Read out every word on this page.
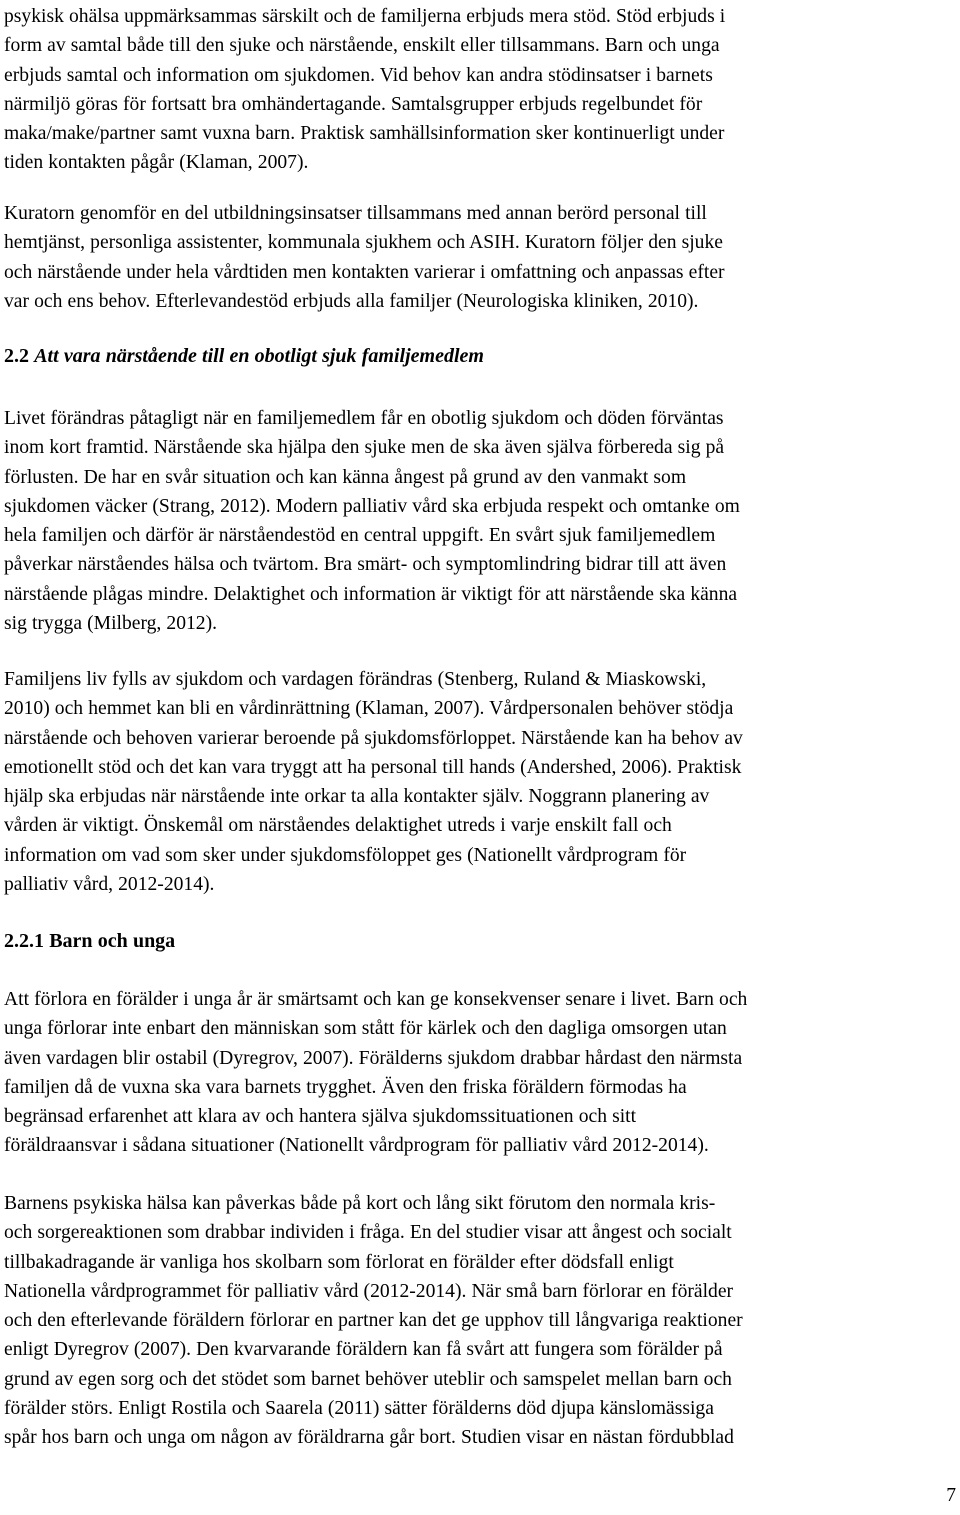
psykisk ohälsa uppmärksammas särskilt och de familjerna erbjuds mera stöd. Stöd erbjuds i
form av samtal både till den sjuke och närstående, enskilt eller tillsammans. Barn och unga
erbjuds samtal och information om sjukdomen. Vid behov kan andra stödinsatser i barnets
närmiljö göras för fortsatt bra omhändertagande. Samtalsgrupper erbjuds regelbundet för
maka/make/partner samt vuxna barn. Praktisk samhällsinformation sker kontinuerligt under
tiden kontakten pågår (Klaman, 2007).

Kuratorn genomför en del utbildningsinsatser tillsammans med annan berörd personal till
hemtjänst, personliga assistenter, kommunala sjukhem och ASIH. Kuratorn följer den sjuke
och närstående under hela vårdtiden men kontakten varierar i omfattning och anpassas efter
var och ens behov. Efterlevandestöd erbjuds alla familjer (Neurologiska kliniken, 2010).

2.2 Att vara närstående till en obotligt sjuk familjemedlem

Livet förändras påtagligt när en familjemedlem får en obotlig sjukdom och döden förväntas
inom kort framtid. Närstående ska hjälpa den sjuke men de ska även själva förbereda sig på
förlusten. De har en svår situation och kan känna ångest på grund av den vanmakt som
sjukdomen väcker (Strang, 2012). Modern palliativ vård ska erbjuda respekt och omtanke om
hela familjen och därför är närståendestöd en central uppgift. En svårt sjuk familjemedlem
påverkar närståendes hälsa och tvärtom. Bra smärt- och symptomlindring bidrar till att även
närstående plågas mindre. Delaktighet och information är viktigt för att närstående ska känna
sig trygga (Milberg, 2012).

Familjens liv fylls av sjukdom och vardagen förändras (Stenberg, Ruland & Miaskowski,
2010) och hemmet kan bli en vårdinrättning (Klaman, 2007). Vårdpersonalen behöver stödja
närstående och behoven varierar beroende på sjukdomsförloppet. Närstående kan ha behov av
emotionellt stöd och det kan vara tryggt att ha personal till hands (Andershed, 2006). Praktisk
hjälp ska erbjudas när närstående inte orkar ta alla kontakter själv. Noggrann planering av
vården är viktigt. Önskemål om närståendes delaktighet utreds i varje enskilt fall och
information om vad som sker under sjukdomsföloppet ges (Nationellt vårdprogram för
palliativ vård, 2012-2014).

2.2.1 Barn och unga

Att förlora en förälder i unga år är smärtsamt och kan ge konsekvenser senare i livet. Barn och
unga förlorar inte enbart den människan som stått för kärlek och den dagliga omsorgen utan
även vardagen blir ostabil (Dyregrov, 2007). Förälderns sjukdom drabbar hårdast den närmsta
familjen då de vuxna ska vara barnets trygghet. Även den friska föräldern förmodas ha
begränsad erfarenhet att klara av och hantera själva sjukdomssituationen och sitt
föräldraansvar i sådana situationer (Nationellt vårdprogram för palliativ vård 2012-2014).

Barnens psykiska hälsa kan påverkas både på kort och lång sikt förutom den normala kris-
och sorgereaktionen som drabbar individen i fråga. En del studier visar att ångest och socialt
tillbakadragande är vanliga hos skolbarn som förlorat en förälder efter dödsfall enligt
Nationella vårdprogrammet för palliativ vård (2012-2014). När små barn förlorar en förälder
och den efterlevande föräldern förlorar en partner kan det ge upphov till långvariga reaktioner
enligt Dyregrov (2007). Den kvarvarande föräldern kan få svårt att fungera som förälder på
grund av egen sorg och det stödet som barnet behöver uteblir och samspelet mellan barn och
förälder störs. Enligt Rostila och Saarela (2011) sätter förälderns död djupa känslomässiga
spår hos barn och unga om någon av föräldrarna går bort. Studien visar en nästan fördubblad

7
